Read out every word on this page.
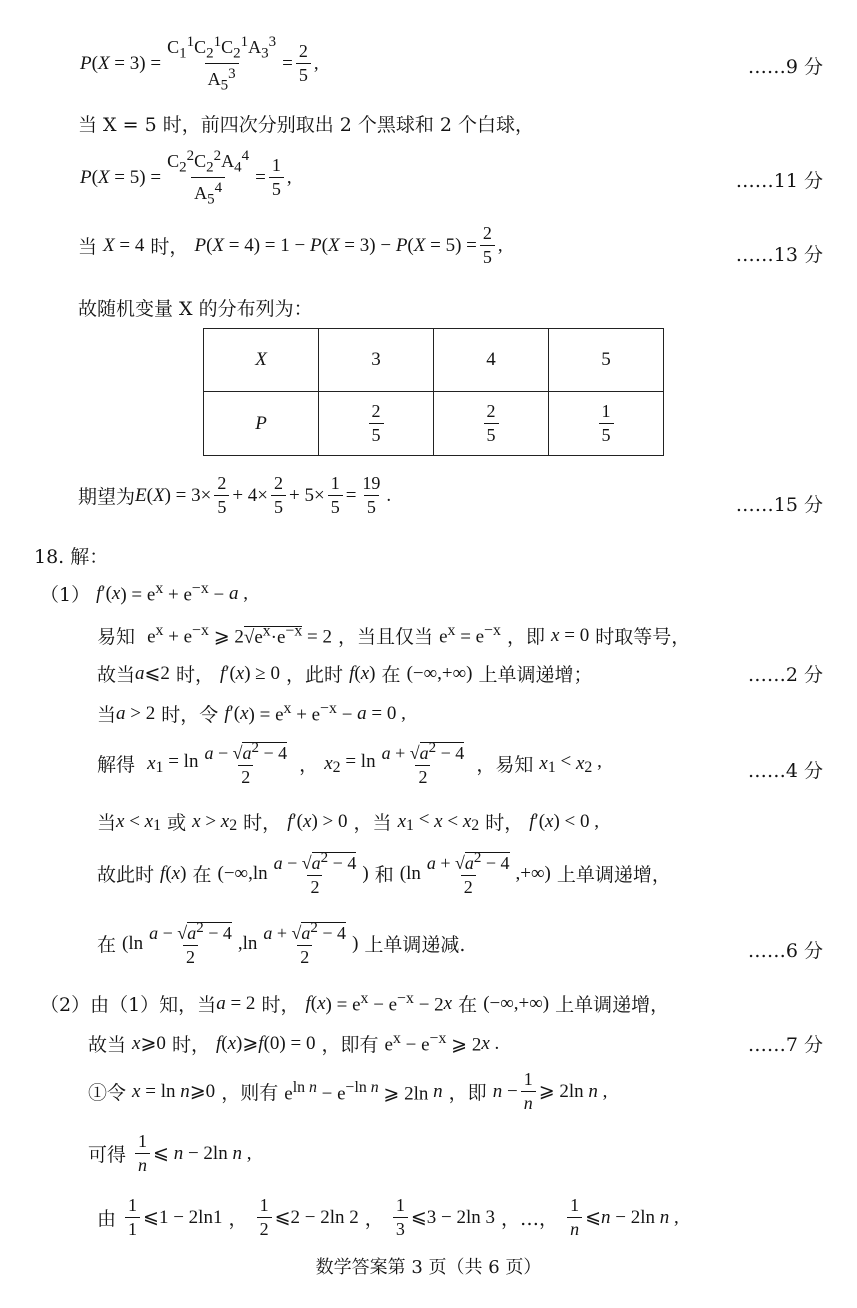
P ( $X = 3) = \frac{C_1^1C_2^1C_2^1A_3^3}{A_5^3} = \frac{2}{5}$ ,	……9 分
当 X = 5 时，前四次分别取出 2 个黑球和 2 个白球，
P ( $X = 5) = \frac{C_2^2C_2^2A_4^4}{A_5^4} = \frac{1}{5}$ ,	……11 分
当 X = 4 时， P ( X = 4) = 1 − P ( X = 3) − P ( $X = 5) = \frac{2}{5}$ ,	……13 分
故随机变量 X 的分布列为：
X	3	4	5
P	$\frac{2}{5}$	$\frac{2}{5}$	$\frac{1}{5}$
期望为 E ( X ) = $3\times \frac{2}{5} + 4\times \frac{2}{5} + 5\times \frac{1}{5} = \frac{19}{5}$ .	……15 分
18. 解：
（1） f ′( x ) = $e^x + e^{-x} - a$ ,
易知 $e^x + e^{-x}$ ⩾ $2√e^x\cdot e^{-x} = 2$ ，当且仅当 $e^x = e^{-x}$ ，即 x = 0 时取等号，
故当 a ⩽2 时， f ′( x ) ≥ 0 ，此时 f ( x ) 在 (−∞,+∞) 上单调递增；	……2 分
当 a > 2 时，令 f ′( x ) = $e^x + e^{-x} - a = 0$ ,
解得 x $_1 = \ln \frac{a - √a^2 - 4}{2}$ ， x $_2 = \ln \frac{a + √a^2 - 4}{2}$ ，易知 x $_1$ < x $_2$ ,	……4 分
当 x < x $_1$ 或 x > x $_2$ 时， f ′( x ) > 0 ，当 x $_1$ < x < x $_2$ 时， f ′( x ) < 0 ,
故此时 f ( x ) 在 ($-\infty,\ln \frac{a - √a^2 - 4}{2}$ ) 和 ($\ln \frac{a + √a^2 - 4}{2}$ ,+∞) 上单调递增，
在 ($\ln \frac{a - √a^2 - 4}{2} ,\ln \frac{a + √a^2 - 4}{2}$ ) 上单调递减.	……6 分
（2）由（1）知，当 a = 2 时， f ( x ) = $e^x - e^{-x} - 2$ x 在 (−∞,+∞) 上单调递增，
故当 x ⩾0 时， f ( x )⩾ f (0) = 0 ，即有 $e^x - e^{-x}$ ⩾ 2 x .	……7 分
①令 x = ln n ⩾0 ，则有 $e^{ln n} - e^{-ln n}$ ⩾ 2ln n ，即 $n - \frac{1}{n}$ ⩾ 2ln n ,
可得 $\frac{1}{n}$ ⩽ n − 2ln n ,
由 $\frac{1}{1}$ ⩽1 − 2ln1 ， $\frac{1}{2}$ ⩽2 − 2ln 2 ， $\frac{1}{3}$ ⩽3 − 2ln 3 ，…， $\frac{1}{n}$ ⩽ n − 2ln n ,
数学答案第 3 页（共 6 页）
